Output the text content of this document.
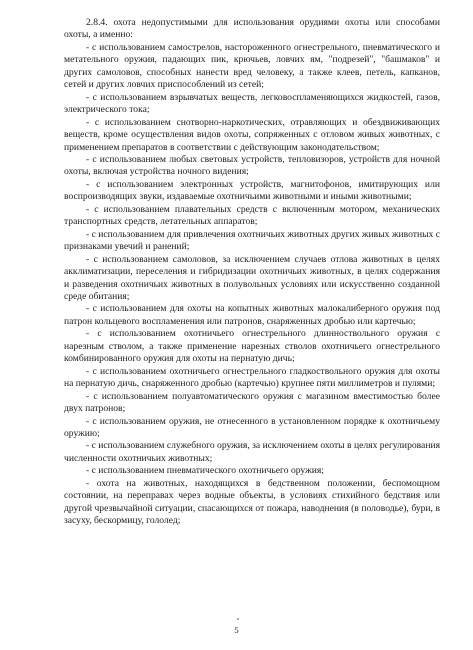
2.8.4. охота недопустимыми для использования орудиями охоты или способами охоты, а именно:

- с использованием самострелов, настороженного огнестрельного, пневматического и метательного оружия, падающих пик, крючьев, ловчих ям, "подрезей", "башмаков" и других самоловов, способных нанести вред человеку, а также клеев, петель, капканов, сетей и других ловчих приспособлений из сетей;

- с использованием взрывчатых веществ, легковоспламеняющихся жидкостей, газов, электрического тока;

- с использованием снотворно-наркотических, отравляющих и обездвиживающих веществ, кроме осуществления видов охоты, сопряженных с отловом живых животных, с применением препаратов в соответствии с действующим законодательством;

- с использованием любых световых устройств, тепловизоров, устройств для ночной охоты, включая устройства ночного видения;

- с использованием электронных устройств, магнитофонов, имитирующих или воспроизводящих звуки, издаваемые охотничьими животными и иными животными;

- с использованием плавательных средств с включенным мотором, механических транспортных средств, летательных аппаратов;

- с использованием для привлечения охотничьих животных других живых животных с признаками увечий и ранений;

- с использованием самоловов, за исключением случаев отлова животных в целях акклиматизации, переселения и гибридизации охотничьих животных, в целях содержания и разведения охотничьих животных в полувольных условиях или искусственно созданной среде обитания;

- с использованием для охоты на копытных животных малокалиберного оружия под патрон кольцевого воспламенения или патронов, снаряженных дробью или картечью;

- с использованием охотничьего огнестрельного длинноствольного оружия с нарезным стволом, а также применение нарезных стволов охотничьего огнестрельного комбинированного оружия для охоты на пернатую дичь;

- с использованием охотничьего огнестрельного гладкоствольного оружия для охоты на пернатую дичь, снаряженного дробью (картечью) крупнее пяти миллиметров и пулями;

- с использованием полуавтоматического оружия с магазином вместимостью более двух патронов;

- с использованием оружия, не отнесенного в установленном порядке к охотничьему оружию;

- с использованием служебного оружия, за исключением охоты в целях регулирования численности охотничьих животных;

- с использованием пневматического охотничьего оружия;

- охота на животных, находящихся в бедственном положении, беспомощном состоянии, на переправах через водные объекты, в условиях стихийного бедствия или другой чрезвычайной ситуации, спасающихся от пожара, наводнения (в половодье), бури, в засуху, бескормицу, гололед;

5
